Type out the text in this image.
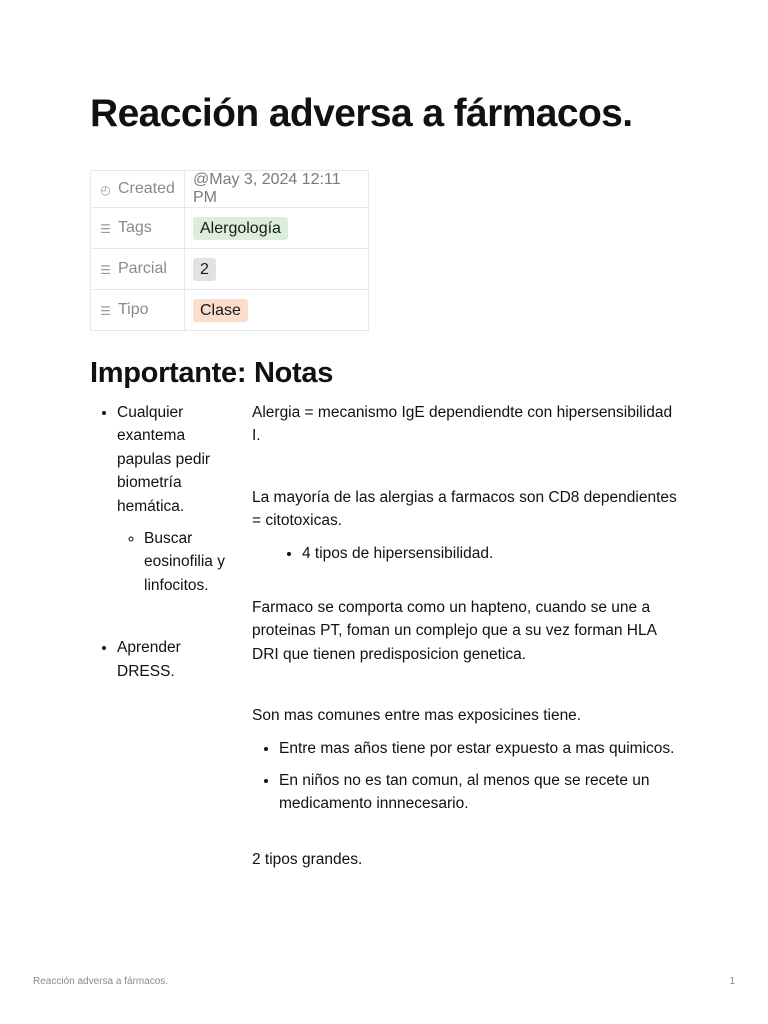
Reacción adversa a fármacos.
◴ Created	@May 3, 2024 12:11 PM
☰ Tags	Alergología
☰ Parcial	2
☰ Tipo	Clase
Importante: Notas
• Cualquier exantema papulas pedir biometría hemática.
◦ Buscar eosinofilia y linfocitos.
• Aprender DRESS.

Alergia = mecanismo IgE dependiendte con hipersensibilidad I.

La mayoría de las alergias a farmacos son CD8 dependientes = citotoxicas.

• 4 tipos de hipersensibilidad.

Farmaco se comporta como un hapteno, cuando se une a proteinas PT, foman un complejo que a su vez forman HLA DRI que tienen predisposicion genetica.

Son mas comunes entre mas exposicines tiene.

• Entre mas años tiene por estar expuesto a mas quimicos.
• En niños no es tan comun, al menos que se recete un medicamento innnecesario.

2 tipos grandes.

Reacción adversa a fármacos.	1
